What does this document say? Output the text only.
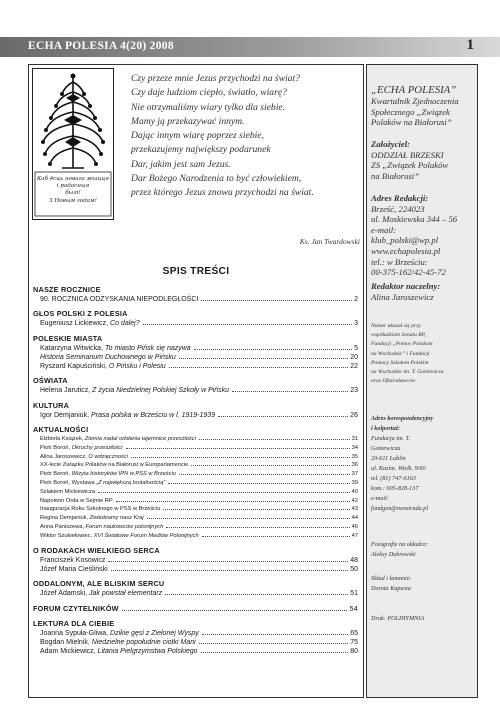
ECHA POLESIA 4(20) 2008	1
Каб ёсць новага жыцця
і радасныя
былі!
З Новым годам!
Czy przeze mnie Jezus przychodzi na świat?
Czy daje ludziom ciepło, światło, wiarę?
Nie otrzymaliśmy wiary tylko dla siebie.
Mamy ją przekazywać innym.
Dając innym wiarę poprzez siebie,
przekazujemy największy podarunek
Dar, jakim jest sam Jezus.
Dar Bożego Narodzenia to być człowiekiem,
przez którego Jezus znowu przychodzi na świat.
Ks. Jan Twardowski
SPIS TREŚCI
NASZE ROCZNICE
90. ROCZNICA ODZYSKANIA NIEPODLEGŁOŚCI	2
GŁOS POLSKI Z POLESIA
Eugeniusz Lickiewicz, Co dalej?	3
POLESKIE MIASTA
Katarzyna Witwicka, To miasto Pińsk się nazywa	5
Historia Seminarium Duchownego w Pińsku	20
Ryszard Kapuściński, O Pińsku i Polesiu	22
OŚWIATA
Helena Jaruticz, Z życia Niedzielnej Polskiej Szkoły w Pińsku	23
KULTURA
Igor Demjaniuk, Prasa polska w Brześciu w l. 1919-1939	26
AKTUALNOŚCI
Elżbieta Książek, Ziemia nadal odsłania tajemnice przeszłości	31
Piotr Boroń, Okruchy przeszłości	34
Alina Jaroszewicz, O wdzięczności	35
XX-lecie Związku Polaków na Białorusi w Europarlamencie	36
Piotr Boroń, Wizyta historyków IPN w PSS w Brześciu	37
Piotr Boroń, Wystawa „Z największą brutalnością”	39
Szlakiem Mickiewicza	40
Napoleon Orda w Sejmie RP	42
Inauguracja Roku Szkolnego w PSS w Brześciu	43
Regina Demjaniuk, Zwiedzamy nasz Kraj	44
Anna Paniszewa, Forum naukowców polonijnych	46
Wiktor Szukiełowiec, XVI Światowe Forum Mediów Polonijnych	47
O RODAKACH WIELKIEGO SERCA
Franciszek Kosowicz	48
Józef Maria Cieśliński	50
ODDALONYM, ALE BLISKIM SERCU
Józef Adamski, Jak powstał elementarz	51
FORUM CZYTELNIKÓW	54
LEKTURA DLA CIEBIE
Joanna Sypuła-Gliwa, Dzikie gęsi z Zielonej Wyspy	65
Bogdan Mielnik, Niedzielne popołudnie ciotki Mani	75
Adam Mickiewicz, Litania Pielgrzymstwa Polskiego	80
„ECHA POLESIA”
Kwartalnik Zjednoczenia
Społecznego „Związek
Polaków na Białorusi”
Założyciel:
ODDZIAŁ BRZESKI
ZS „Związek Polaków
na Białorusi”
Adres Redakcji:
Brześć, 224023
ul. Moskiewska 344 – 56
e-mail:
klub_polski@wp.pl
www.echapolesia.pl
tel.: w Brześciu:
00-375-162/42-45-72
Redaktor naczelny:
Alina Jaroszewicz
Numer ukazał się przy
współudziale Senatu RP,
Fundacji „Pomoc Polakom
na Wschodzie” i Fundacji
Pomocy Szkołom Polskim
na Wschodzie im. T. Goniewicza
oraz Ofiarodawców
Adres korespondencyjny
i kolportaż:
Fundacja im. T.
Goniewicza
20-611 Lublin
ul. Kazim. Wielk. 9/60
tel. (81) 747-6163
kom.: 605-828-137
e-mail:
fundgon@neostrada.pl
Fotografie na okładce:
Aleksy Dubrowski
Skład i łamanie:
Dorota Kapusta
Druk: POLIHYMNIA
